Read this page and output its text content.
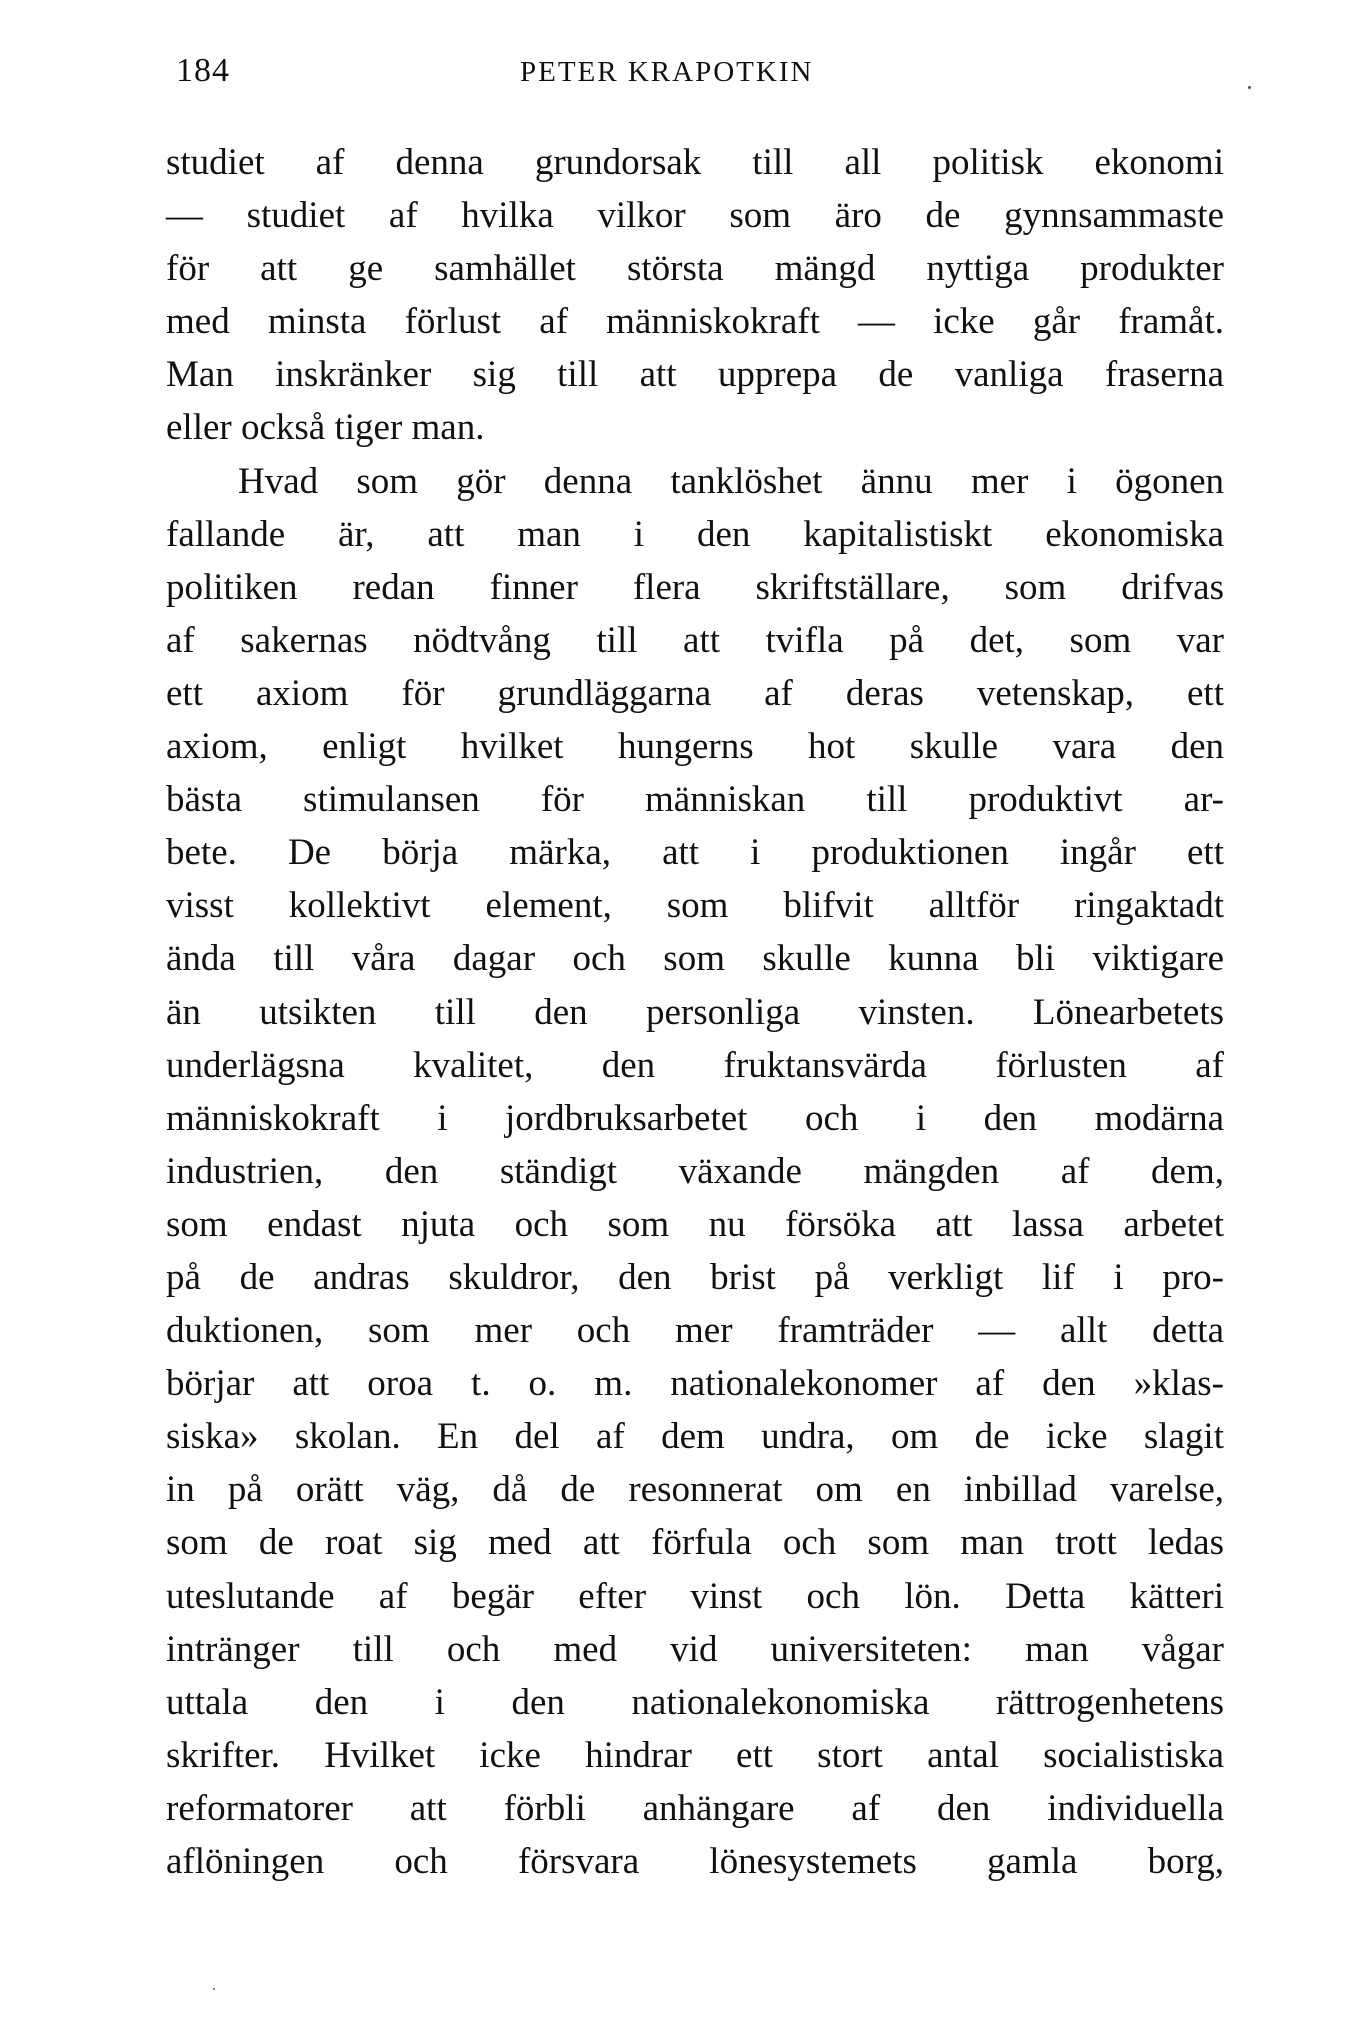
184	PETER KRAPOTKIN
studiet af denna grundorsak till all politisk ekonomi
— studiet af hvilka vilkor som äro de gynnsammaste
för att ge samhället största mängd nyttiga produkter
med minsta förlust af människokraft — icke går framåt.
Man inskränker sig till att upprepa de vanliga fraserna
eller också tiger man.
Hvad som gör denna tanklöshet ännu mer i ögonen
fallande är, att man i den kapitalistiskt ekonomiska
politiken redan finner flera skriftställare, som drifvas
af sakernas nödtvång till att tvifla på det, som var
ett axiom för grundläggarna af deras vetenskap, ett
axiom, enligt hvilket hungerns hot skulle vara den
bästa stimulansen för människan till produktivt ar-
bete. De börja märka, att i produktionen ingår ett
visst kollektivt element, som blifvit alltför ringaktadt
ända till våra dagar och som skulle kunna bli viktigare
än utsikten till den personliga vinsten. Lönearbetets
underlägsna kvalitet, den fruktansvärda förlusten af
människokraft i jordbruksarbetet och i den modärna
industrien, den ständigt växande mängden af dem,
som endast njuta och som nu försöka att lassa arbetet
på de andras skuldror, den brist på verkligt lif i pro-
duktionen, som mer och mer framträder — allt detta
börjar att oroa t. o. m. nationalekonomer af den »klas-
siska» skolan. En del af dem undra, om de icke slagit
in på orätt väg, då de resonnerat om en inbillad varelse,
som de roat sig med att förfula och som man trott ledas
uteslutande af begär efter vinst och lön. Detta kätteri
intränger till och med vid universiteten: man vågar
uttala den i den nationalekonomiska rättrogenhetens
skrifter. Hvilket icke hindrar ett stort antal socialistiska
reformatorer att förbli anhängare af den individuella
aflöningen och försvara lönesystemets gamla borg,
